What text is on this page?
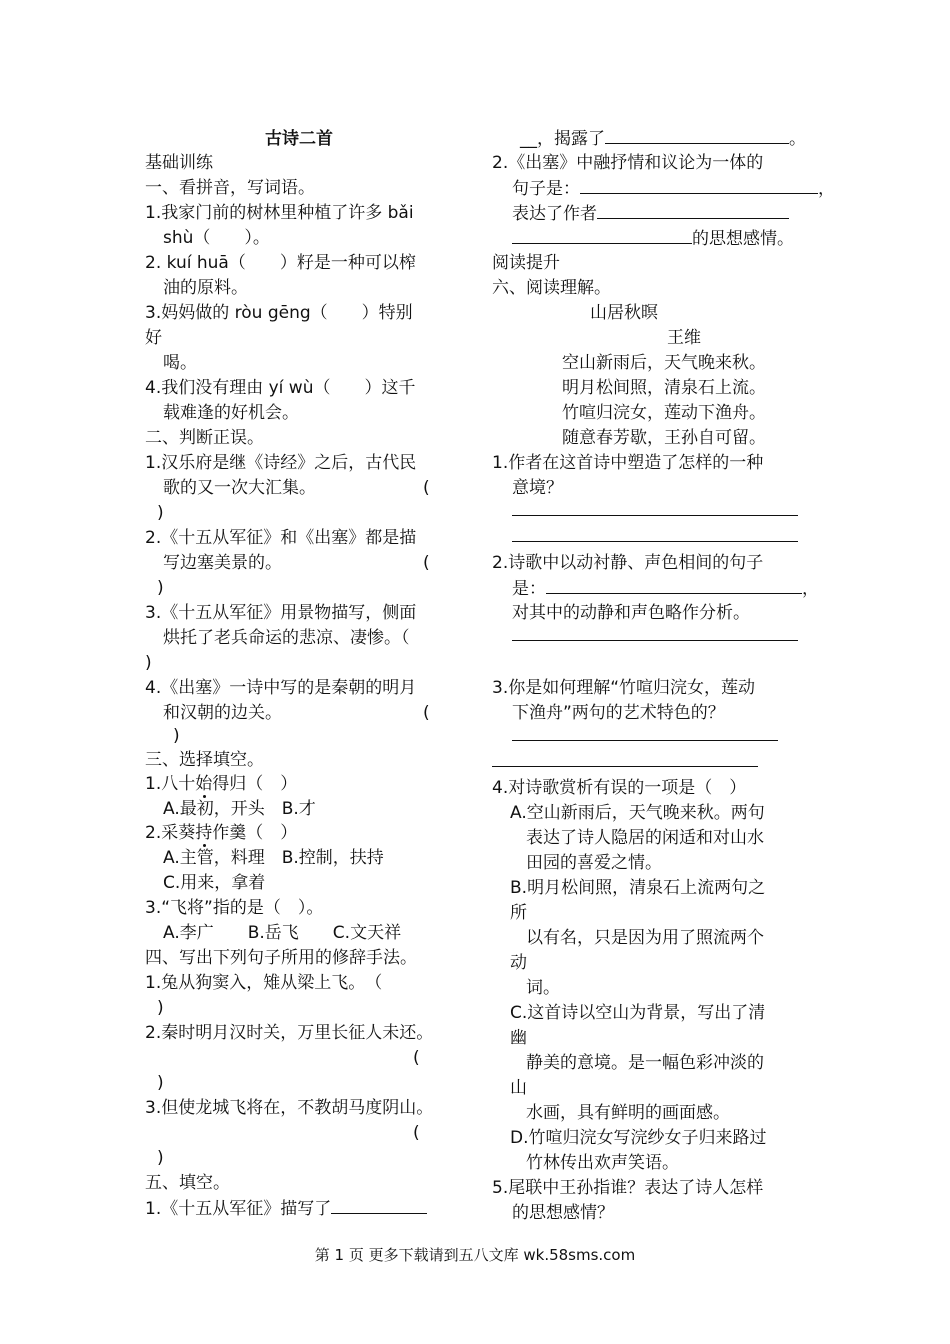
古诗二首
基础训练
一、看拼音，写词语。
1.我家门前的树林里种植了许多 bǎi
shù（　　）。
2. kuí huā（　　）籽是一种可以榨
油的原料。
3.妈妈做的 ròu gēng（　　）特别
好
喝。
4.我们没有理由 yí wù（　　）这千
载难逢的好机会。
二、判断正误。
1.汉乐府是继《诗经》之后，古代民
歌的又一次大汇集。	(
)
2.《十五从军征》和《出塞》都是描
写边塞美景的。	(
)
3.《十五从军征》用景物描写，侧面
烘托了老兵命运的悲凉、凄惨。（
)
4.《出塞》一诗中写的是秦朝的明月
和汉朝的边关。	(
)
三、选择填空。
1.八十始得归（　）
A.最初，开头　B.才
2.采葵持作羹（　）
A.主管，料理　B.控制，扶持
C.用来，拿着
3.“飞将”指的是（　）。
A.李广　　B.岳飞　　C.文天祥
四、写出下列句子所用的修辞手法。
1.兔从狗窦入，雉从梁上飞。　（
)
2.秦时明月汉时关，万里长征人未还。
(
)
3.但使龙城飞将在，不教胡马度阴山。
(
)
五、填空。
1.《十五从军征》描写了
__，揭露了	。
2.《出塞》中融抒情和议论为一体的
句子是：	，
表达了作者
的思想感情。
阅读提升
六、阅读理解。
山居秋暝
王维
空山新雨后，天气晚来秋。
明月松间照，清泉石上流。
竹喧归浣女，莲动下渔舟。
随意春芳歇，王孙自可留。
1.作者在这首诗中塑造了怎样的一种
意境？
2.诗歌中以动衬静、声色相间的句子
是：	，
对其中的动静和声色略作分析。
3.你是如何理解“竹喧归浣女，莲动
下渔舟”两句的艺术特色的？
4.对诗歌赏析有误的一项是（　）
A.空山新雨后，天气晚来秋。两句
表达了诗人隐居的闲适和对山水
田园的喜爱之情。
B.明月松间照，清泉石上流两句之
所
以有名，只是因为用了照流两个
动
词。
C.这首诗以空山为背景，写出了清
幽
静美的意境。是一幅色彩冲淡的
山
水画，具有鲜明的画面感。
D.竹喧归浣女写浣纱女子归来路过
竹林传出欢声笑语。
5.尾联中王孙指谁？表达了诗人怎样
的思想感情？
第 1 页 更多下载请到五八文库 wk.58sms.com
